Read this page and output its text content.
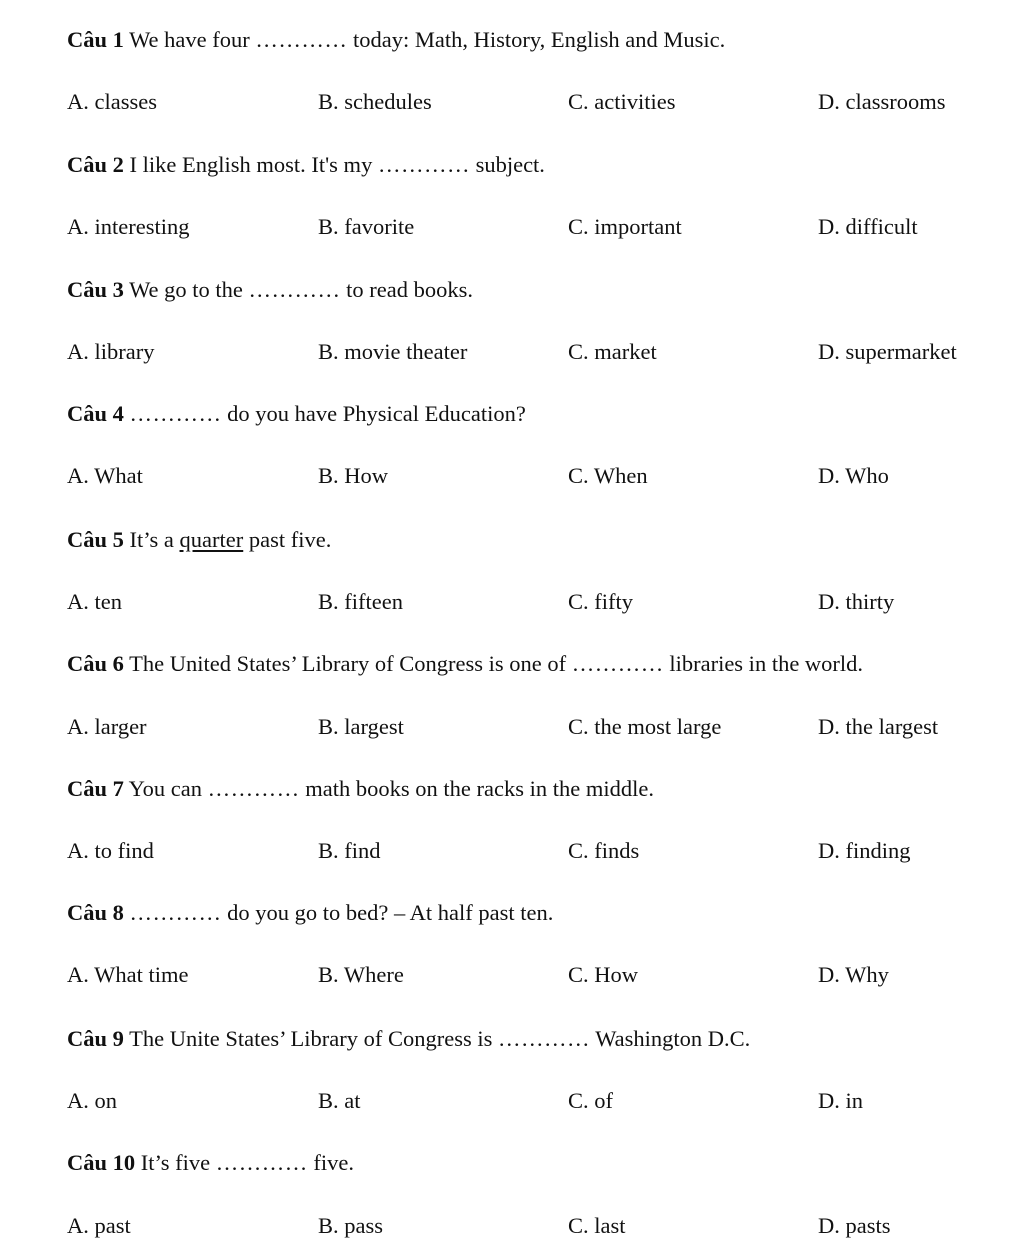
Câu 1 We have four ………… today: Math, History, English and Music.
A. classes	B. schedules	C. activities	D. classrooms
Câu 2 I like English most. It's my ………… subject.
A. interesting	B. favorite	C. important	D. difficult
Câu 3 We go to the ………… to read books.
A. library	B. movie theater	C. market	D. supermarket
Câu 4 ………… do you have Physical Education?
A. What	B. How	C. When	D. Who
Câu 5 It’s a quarter past five.
A. ten	B. fifteen	C. fifty	D. thirty
Câu 6 The United States’ Library of Congress is one of ………… libraries in the world.
A. larger	B. largest	C. the most large	D. the largest
Câu 7 You can ………… math books on the racks in the middle.
A. to find	B. find	C. finds	D. finding
Câu 8 ………… do you go to bed? – At half past ten.
A. What time	B. Where	C. How	D. Why
Câu 9 The Unite States’ Library of Congress is ………… Washington D.C.
A. on	B. at	C. of	D. in
Câu 10 It’s five ………… five.
A. past	B. pass	C. last	D. pasts
